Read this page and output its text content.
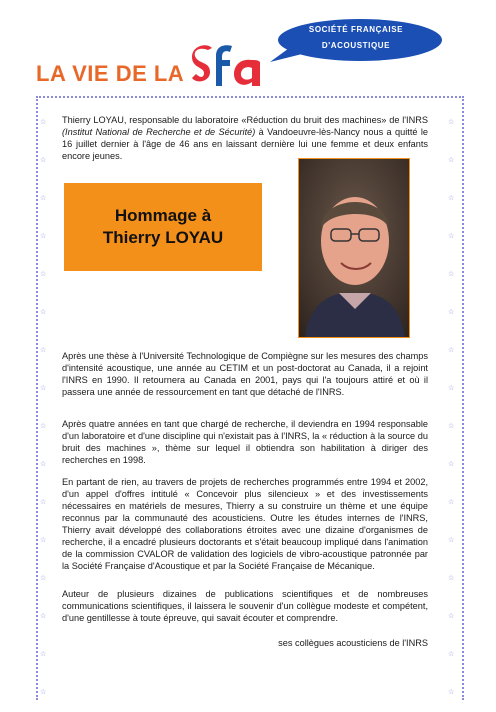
LA VIE DE LA
SOCIÉTÉ FRANÇAISE
D'ACOUSTIQUE
☆
☆
☆
☆
☆
☆
☆
☆
☆
☆
☆
☆
☆
☆
☆
☆
☆
☆
☆
☆
☆
☆
☆
☆
☆
☆
☆
☆
☆
☆
☆
☆
Thierry LOYAU, responsable du laboratoire «Réduction du bruit des machines» de l'INRS (Institut National de Recherche et de Sécurité) à Vandoeuvre-lès-Nancy nous a quitté le 16 juillet dernier à l'âge de 46 ans en laissant dernière lui une femme et deux enfants encore jeunes.
Hommage à
Thierry LOYAU
Après une thèse à l'Université Technologique de Compiègne sur les mesures des champs d'intensité acoustique, une année au CETIM et un post-doctorat au Canada, il a rejoint l'INRS en 1990. Il retournera au Canada en 2001, pays qui l'a toujours attiré et où il passera une année de ressourcement en tant que détaché de l'INRS.
Après quatre années en tant que chargé de recherche, il deviendra en 1994 responsable d'un laboratoire et d'une discipline qui n'existait pas à l'INRS, la « réduction à la source du bruit des machines », thème sur lequel il obtiendra son habilitation à diriger des recherches en 1998.
En partant de rien, au travers de projets de recherches programmés entre 1994 et 2002, d'un appel d'offres intitulé « Concevoir plus silencieux » et des investissements nécessaires en matériels de mesures, Thierry a su construire un thème et une équipe reconnus par la communauté des acousticiens. Outre les études internes de l'INRS, Thierry avait développé des collaborations étroites avec une dizaine d'organismes de recherche, il a encadré plusieurs doctorants et s'était beaucoup impliqué dans l'animation de la commission CVALOR de validation des logiciels de vibro-acoustique patronnée par la Société Française d'Acoustique et par la Société Française de Mécanique.
Auteur de plusieurs dizaines de publications scientifiques et de nombreuses communications scientifiques, il laissera le souvenir d'un collègue modeste et compétent, d'une gentillesse à toute épreuve, qui savait écouter et comprendre.
ses collègues acousticiens de l'INRS
